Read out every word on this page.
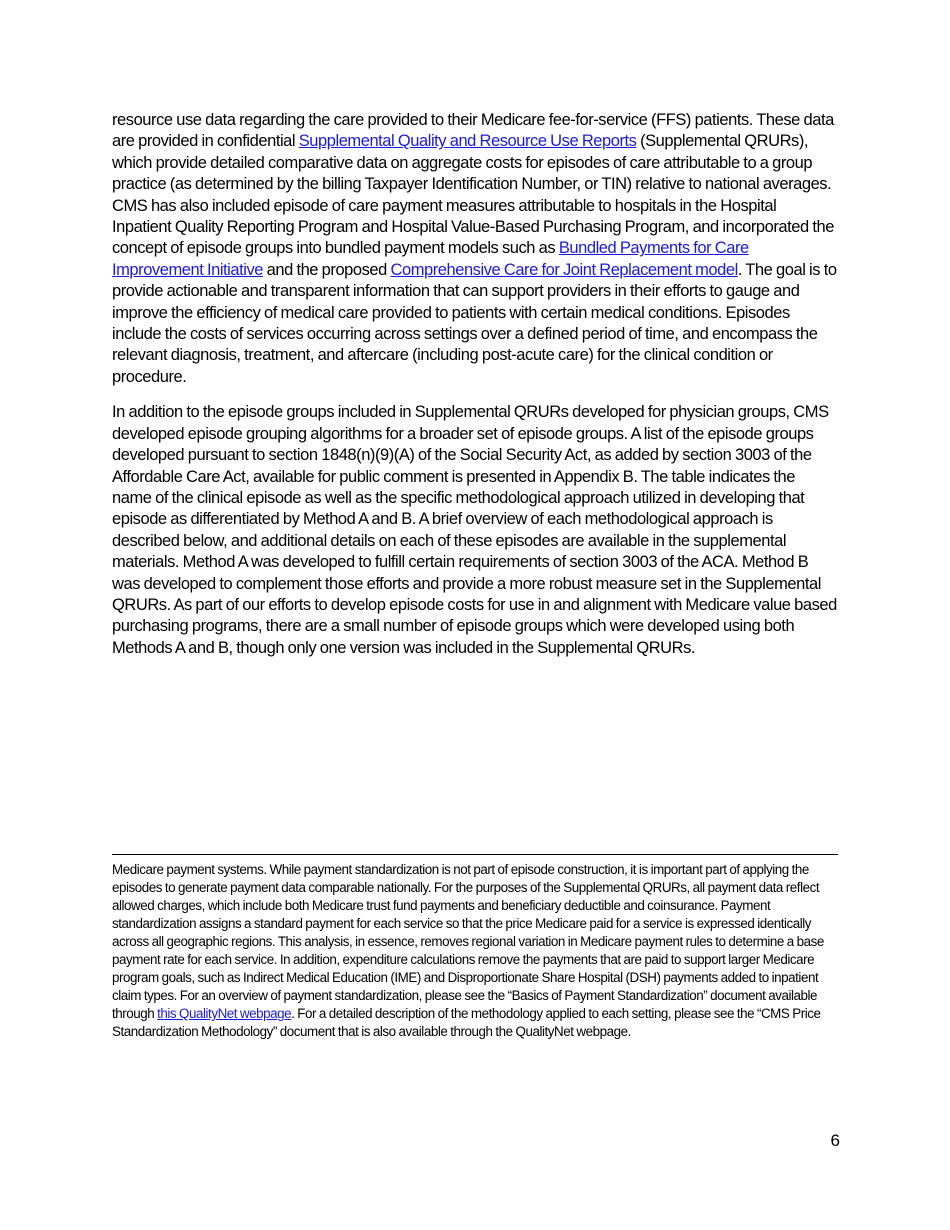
resource use data regarding the care provided to their Medicare fee-for-service (FFS) patients. These data are provided in confidential Supplemental Quality and Resource Use Reports (Supplemental QRURs), which provide detailed comparative data on aggregate costs for episodes of care attributable to a group practice (as determined by the billing Taxpayer Identification Number, or TIN) relative to national averages. CMS has also included episode of care payment measures attributable to hospitals in the Hospital Inpatient Quality Reporting Program and Hospital Value-Based Purchasing Program, and incorporated the concept of episode groups into bundled payment models such as Bundled Payments for Care Improvement Initiative and the proposed Comprehensive Care for Joint Replacement model. The goal is to provide actionable and transparent information that can support providers in their efforts to gauge and improve the efficiency of medical care provided to patients with certain medical conditions. Episodes include the costs of services occurring across settings over a defined period of time, and encompass the relevant diagnosis, treatment, and aftercare (including post-acute care) for the clinical condition or procedure.

In addition to the episode groups included in Supplemental QRURs developed for physician groups, CMS developed episode grouping algorithms for a broader set of episode groups. A list of the episode groups developed pursuant to section 1848(n)(9)(A) of the Social Security Act, as added by section 3003 of the Affordable Care Act, available for public comment is presented in Appendix B. The table indicates the name of the clinical episode as well as the specific methodological approach utilized in developing that episode as differentiated by Method A and B. A brief overview of each methodological approach is described below, and additional details on each of these episodes are available in the supplemental materials. Method A was developed to fulfill certain requirements of section 3003 of the ACA. Method B was developed to complement those efforts and provide a more robust measure set in the Supplemental QRURs. As part of our efforts to develop episode costs for use in and alignment with Medicare value based purchasing programs, there are a small number of episode groups which were developed using both Methods A and B, though only one version was included in the Supplemental QRURs.

Medicare payment systems. While payment standardization is not part of episode construction, it is important part of applying the episodes to generate payment data comparable nationally. For the purposes of the Supplemental QRURs, all payment data reflect allowed charges, which include both Medicare trust fund payments and beneficiary deductible and coinsurance. Payment standardization assigns a standard payment for each service so that the price Medicare paid for a service is expressed identically across all geographic regions. This analysis, in essence, removes regional variation in Medicare payment rules to determine a base payment rate for each service. In addition, expenditure calculations remove the payments that are paid to support larger Medicare program goals, such as Indirect Medical Education (IME) and Disproportionate Share Hospital (DSH) payments added to inpatient claim types. For an overview of payment standardization, please see the “Basics of Payment Standardization” document available through this QualityNet webpage. For a detailed description of the methodology applied to each setting, please see the “CMS Price Standardization Methodology” document that is also available through the QualityNet webpage.

6
